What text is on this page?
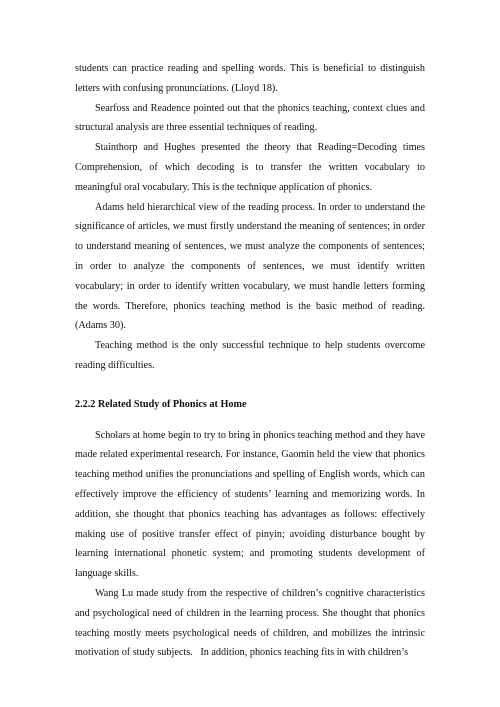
students can practice reading and spelling words. This is beneficial to distinguish letters with confusing pronunciations. (Lloyd 18).

Searfoss and Readence pointed out that the phonics teaching, context clues and structural analysis are three essential techniques of reading.

Stainthorp and Hughes presented the theory that Reading=Decoding times Comprehension, of which decoding is to transfer the written vocabulary to meaningful oral vocabulary. This is the technique application of phonics.

Adams held hierarchical view of the reading process. In order to understand the significance of articles, we must firstly understand the meaning of sentences; in order to understand meaning of sentences, we must analyze the components of sentences; in order to analyze the components of sentences, we must identify written vocabulary; in order to identify written vocabulary, we must handle letters forming the words. Therefore, phonics teaching method is the basic method of reading. (Adams 30).

Teaching method is the only successful technique to help students overcome reading difficulties.

2.2.2 Related Study of Phonics at Home

Scholars at home begin to try to bring in phonics teaching method and they have made related experimental research. For instance, Gaomin held the view that phonics teaching method unifies the pronunciations and spelling of English words, which can effectively improve the efficiency of students’ learning and memorizing words. In addition, she thought that phonics teaching has advantages as follows: effectively making use of positive transfer effect of pinyin; avoiding disturbance bought by learning international phonetic system; and promoting students development of language skills.

Wang Lu made study from the respective of children’s cognitive characteristics and psychological need of children in the learning process. She thought that phonics teaching mostly meets psychological needs of children, and mobilizes the intrinsic motivation of study subjects.   In addition, phonics teaching fits in with children’s
